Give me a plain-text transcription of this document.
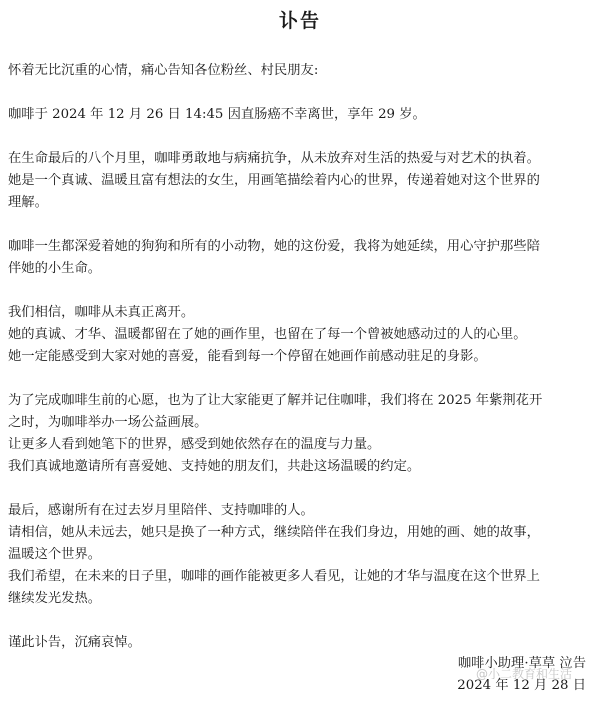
讣告

怀着无比沉重的心情，痛心告知各位粉丝、村民朋友:

咖啡于 2024 年 12 月 26 日 14:45 因直肠癌不幸离世，享年 29 岁。

在生命最后的八个月里，咖啡勇敢地与病痛抗争，从未放弃对生活的热爱与对艺术的执着。

她是一个真诚、温暖且富有想法的女生，用画笔描绘着内心的世界，传递着她对这个世界的

理解。

咖啡一生都深爱着她的狗狗和所有的小动物，她的这份爱，我将为她延续，用心守护那些陪

伴她的小生命。

我们相信，咖啡从未真正离开。

她的真诚、才华、温暖都留在了她的画作里，也留在了每一个曾被她感动过的人的心里。

她一定能感受到大家对她的喜爱，能看到每一个停留在她画作前感动驻足的身影。

为了完成咖啡生前的心愿，也为了让大家能更了解并记住咖啡，我们将在 2025 年紫荆花开

之时，为咖啡举办一场公益画展。

让更多人看到她笔下的世界，感受到她依然存在的温度与力量。

我们真诚地邀请所有喜爱她、支持她的朋友们，共赴这场温暖的约定。

最后，感谢所有在过去岁月里陪伴、支持咖啡的人。

请相信，她从未远去，她只是换了一种方式，继续陪伴在我们身边，用她的画、她的故事，

温暖这个世界。

我们希望，在未来的日子里，咖啡的画作能被更多人看见，让她的才华与温度在这个世界上

继续发光发热。

谨此讣告，沉痛哀悼。

咖啡小助理·草草 泣告
2024 年 12 月 28 日
@小二教育和生活
